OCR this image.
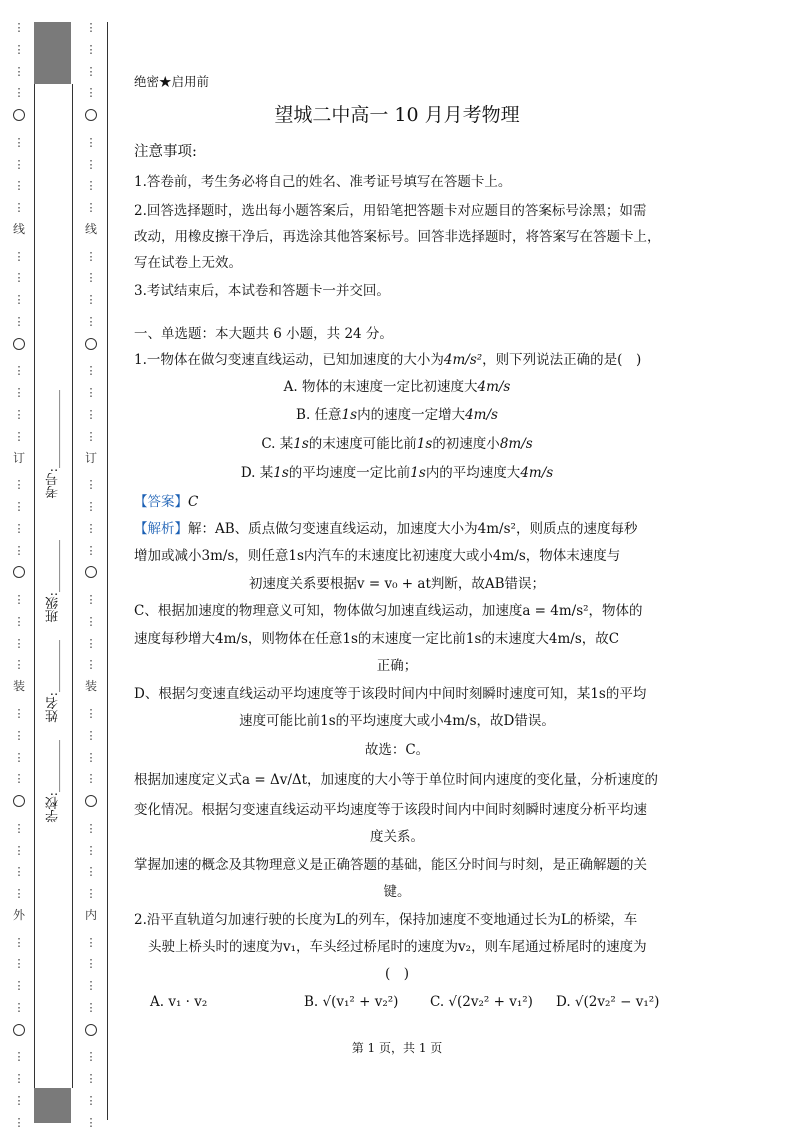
⋮
⋮
⋮
⋮
⋮
⋮
⋮
⋮
线
⋮
⋮
⋮
⋮
⋮
⋮
⋮
⋮
订
⋮
⋮
⋮
⋮
⋮
⋮
⋮
⋮
装
⋮
⋮
⋮
⋮
⋮
⋮
⋮
⋮
外
⋮
⋮
⋮
⋮
⋮
⋮
⋮
⋮
学校:________
姓名:________
班级:________
考号:____________
⋮
⋮
⋮
⋮
⋮
⋮
⋮
⋮
线
⋮
⋮
⋮
⋮
⋮
⋮
⋮
⋮
订
⋮
⋮
⋮
⋮
⋮
⋮
⋮
⋮
装
⋮
⋮
⋮
⋮
⋮
⋮
⋮
⋮
内
⋮
⋮
⋮
⋮
⋮
⋮
⋮
⋮
绝密★启用前
望城二中高一 10 月月考物理
注意事项:
1.答卷前，考生务必将自己的姓名、准考证号填写在答题卡上。
2.回答选择题时，选出每小题答案后，用铅笔把答题卡对应题目的答案标号涂黑；如需
改动，用橡皮擦干净后，再选涂其他答案标号。回答非选择题时，将答案写在答题卡上，
写在试卷上无效。
3.考试结束后，本试卷和答题卡一并交回。
一、单选题：本大题共 6 小题，共 24 分。
1.一物体在做匀变速直线运动，已知加速度的大小为4m/s²，则下列说法正确的是(　)
A. 物体的末速度一定比初速度大4m/s
B. 任意1s内的速度一定增大4m/s
C. 某1s的末速度可能比前1s的初速度小8m/s
D. 某1s的平均速度一定比前1s内的平均速度大4m/s
【答案】C
【解析】解：AB、质点做匀变速直线运动，加速度大小为4m/s²，则质点的速度每秒
增加或减小3m/s，则任意1s内汽车的末速度比初速度大或小4m/s，物体末速度与
初速度关系要根据v = v₀ + at判断，故AB错误；
C、根据加速度的物理意义可知，物体做匀加速直线运动，加速度a = 4m/s²，物体的
速度每秒增大4m/s，则物体在任意1s的末速度一定比前1s的末速度大4m/s，故C
正确；
D、根据匀变速直线运动平均速度等于该段时间内中间时刻瞬时速度可知，某1s的平均
速度可能比前1s的平均速度大或小4m/s，故D错误。
故选：C。
根据加速度定义式a = Δv/Δt，加速度的大小等于单位时间内速度的变化量，分析速度的
变化情况。根据匀变速直线运动平均速度等于该段时间内中间时刻瞬时速度分析平均速
度关系。
掌握加速的概念及其物理意义是正确答题的基础，能区分时间与时刻，是正确解题的关
键。
2.沿平直轨道匀加速行驶的长度为L的列车，保持加速度不变地通过长为L的桥梁，车
头驶上桥头时的速度为v₁，车头经过桥尾时的速度为v₂，则车尾通过桥尾时的速度为
(　)
A. v₁ · v₂	B. √(v₁² + v₂²) C. √(2v₂² + v₁²) D. √(2v₂² − v₁²)
第 1 页，共 1 页
